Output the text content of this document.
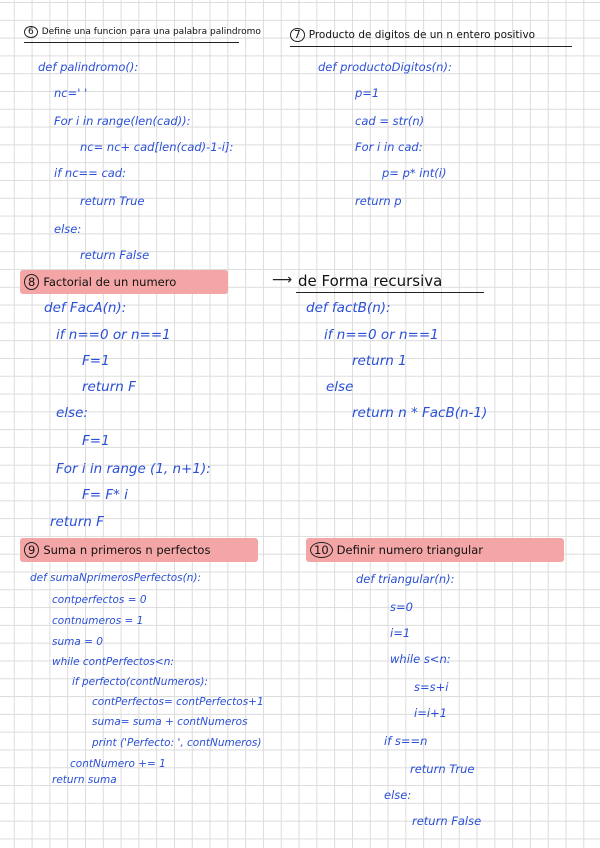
6 Define una funcion para una palabra palindromo
def palindromo():
nc=' '
For i in range(len(cad)):
nc= nc+ cad[len(cad)-1-i]:
if nc== cad:
return True
else:
return False
7 Producto de digitos de un n entero positivo
def productoDigitos(n):
p=1
cad = str(n)
For i in cad:
p= p* int(i)
return p
8 Factorial de un numero
def FacA(n):
if n==0 or n==1
F=1
return F
else:
F=1
For i in range (1, n+1):
F= F* i
return F
⟶ de Forma recursiva
def factB(n):
if n==0 or n==1
return 1
else
return n * FacB(n-1)
9 Suma n primeros n perfectos
def sumaNprimerosPerfectos(n):
contperfectos = 0
contnumeros = 1
suma = 0
while contPerfectos<n:
if perfecto(contNumeros):
contPerfectos= contPerfectos+1
suma= suma + contNumeros
print ('Perfecto: ', contNumeros)
contNumero += 1
return suma
10 Definir numero triangular
def triangular(n):
s=0
i=1
while s<n:
s=s+i
i=i+1
if s==n
return True
else:
return False
